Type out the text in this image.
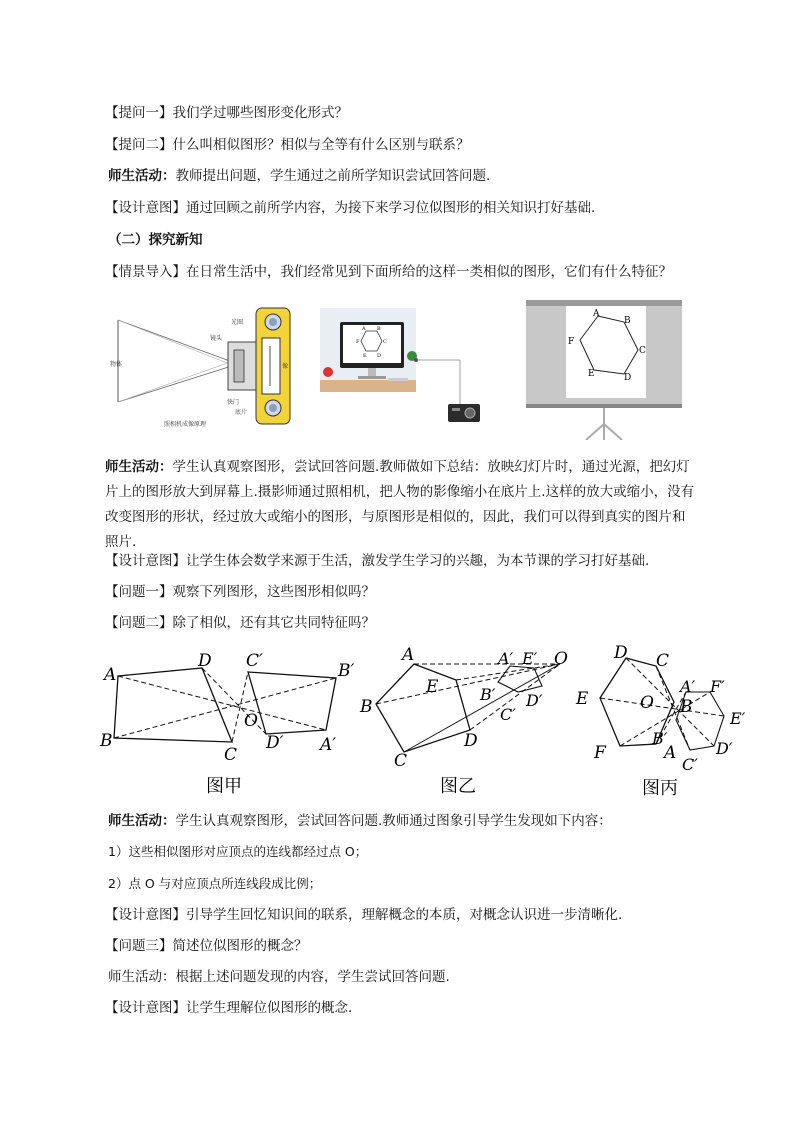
【提问一】我们学过哪些图形变化形式？
【提问二】什么叫相似图形？相似与全等有什么区别与联系？
师生活动：教师提出问题，学生通过之前所学知识尝试回答问题.
【设计意图】通过回顾之前所学内容，为接下来学习位似图形的相关知识打好基础.
（二）探究新知
【情景导入】在日常生活中，我们经常见到下面所给的这样一类相似的图形，它们有什么特征？
物体
光圈
镜头
像
快门
底片
照相机成像原理
A B
C
D
E
F
A
B
C
D
E
F
师生活动：学生认真观察图形，尝试回答问题.教师做如下总结：放映幻灯片时，通过光源，把幻灯片上的图形放大到屏幕上.摄影师通过照相机，把人物的影像缩小在底片上.这样的放大或缩小，没有改变图形的形状，经过放大或缩小的图形，与原图形是相似的，因此，我们可以得到真实的图片和照片.
【设计意图】让学生体会数学来源于生活，激发学生学习的兴趣，为本节课的学习打好基础.
【问题一】观察下列图形，这些图形相似吗？
【问题二】除了相似，还有其它共同特征吗？
A
D
C
B
O
C′	B′
A′
D′
图甲
A
E
B
D
C
A′ E′ O
B′
C′
D′
图乙
D C
E	O B
F	A
A′ F′
E′
D′
C′
B′
图丙
师生活动：学生认真观察图形，尝试回答问题.教师通过图象引导学生发现如下内容：
1）这些相似图形对应顶点的连线都经过点 O；
2）点 O 与对应顶点所连线段成比例；
【设计意图】引导学生回忆知识间的联系，理解概念的本质，对概念认识进一步清晰化.
【问题三】简述位似图形的概念？
师生活动：根据上述问题发现的内容，学生尝试回答问题.
【设计意图】让学生理解位似图形的概念.
